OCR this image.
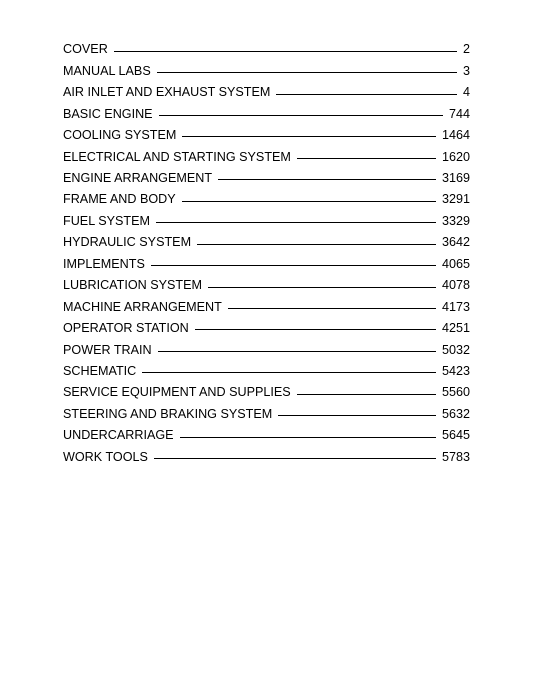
COVER	2
MANUAL LABS	3
AIR INLET AND EXHAUST SYSTEM	4
BASIC ENGINE	744
COOLING SYSTEM	1464
ELECTRICAL AND STARTING SYSTEM	1620
ENGINE ARRANGEMENT	3169
FRAME AND BODY	3291
FUEL SYSTEM	3329
HYDRAULIC SYSTEM	3642
IMPLEMENTS	4065
LUBRICATION SYSTEM	4078
MACHINE ARRANGEMENT	4173
OPERATOR STATION	4251
POWER TRAIN	5032
SCHEMATIC	5423
SERVICE EQUIPMENT AND SUPPLIES	5560
STEERING AND BRAKING SYSTEM	5632
UNDERCARRIAGE	5645
WORK TOOLS	5783
